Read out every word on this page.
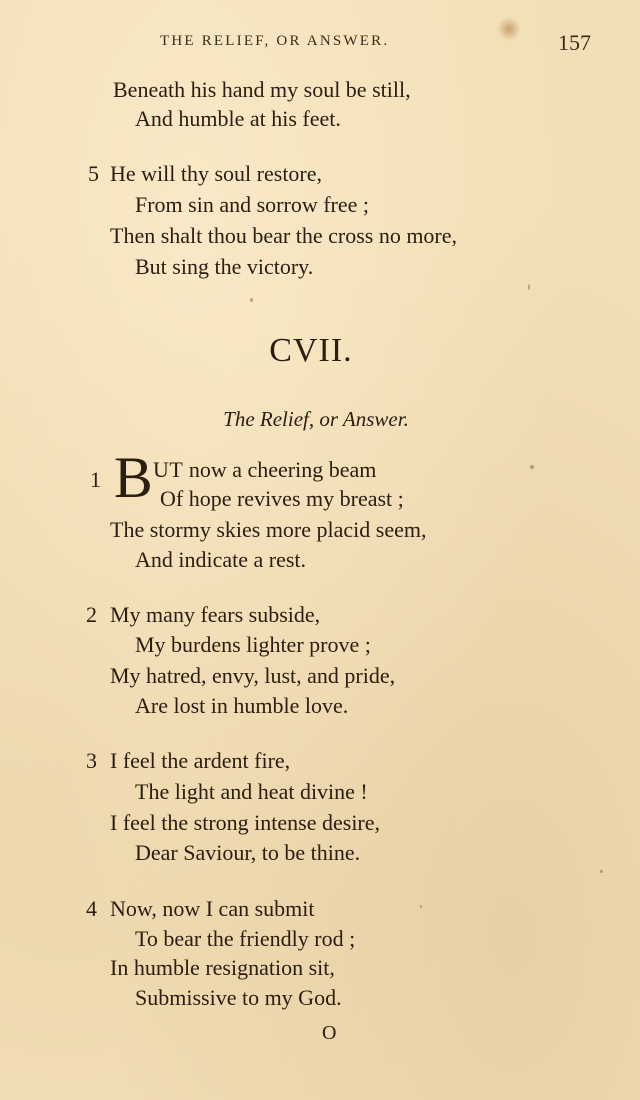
THE RELIEF, OR ANSWER.	157
Beneath his hand my soul be still,
And humble at his feet.
5 He will thy soul restore,
From sin and sorrow free ;
Then shalt thou bear the cross no more,
But sing the victory.
CVII.
The Relief, or Answer.
1 B UT now a cheering beam
Of hope revives my breast ;
The stormy skies more placid seem,
And indicate a rest.
2 My many fears subside,
My burdens lighter prove ;
My hatred, envy, lust, and pride,
Are lost in humble love.
3 I feel the ardent fire,
The light and heat divine !
I feel the strong intense desire,
Dear Saviour, to be thine.
4 Now, now I can submit
To bear the friendly rod ;
In humble resignation sit,
Submissive to my God.
O
